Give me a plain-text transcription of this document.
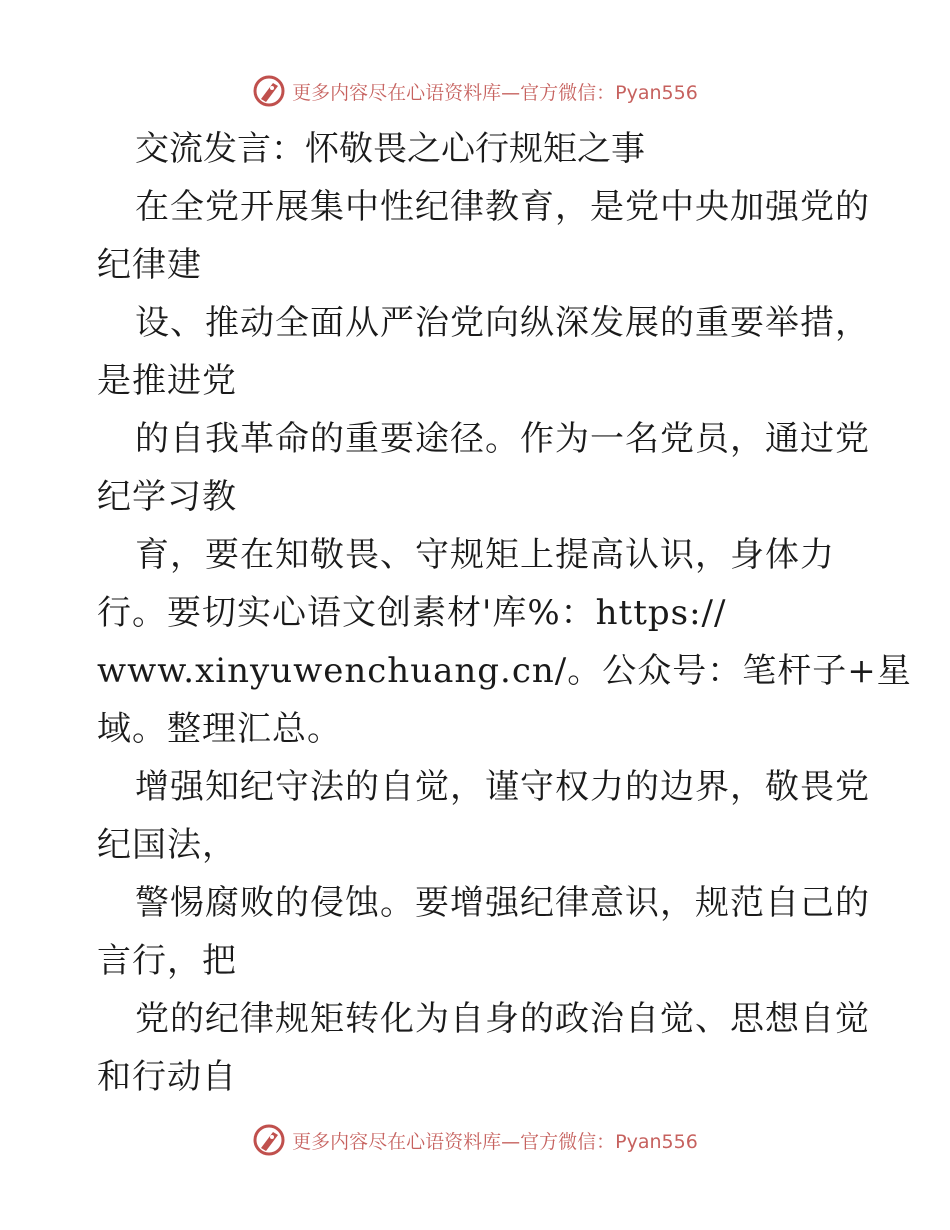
更多内容尽在心语资料库—官方微信：Pyan556
交流发言：怀敬畏之心行规矩之事
在全党开展集中性纪律教育，是党中央加强党的
纪律建
设、推动全面从严治党向纵深发展的重要举措，
是推进党
的自我革命的重要途径。作为一名党员，通过党
纪学习教
育，要在知敬畏、守规矩上提高认识，身体力
行。要切实心语文创素材'库%：https://
www.xinyuwenchuang.cn/。公众号：笔杆子+星
域。整理汇总。
增强知纪守法的自觉，谨守权力的边界，敬畏党
纪国法，
警惕腐败的侵蚀。要增强纪律意识，规范自己的
言行，把
党的纪律规矩转化为自身的政治自觉、思想自觉
和行动自
更多内容尽在心语资料库—官方微信：Pyan556
